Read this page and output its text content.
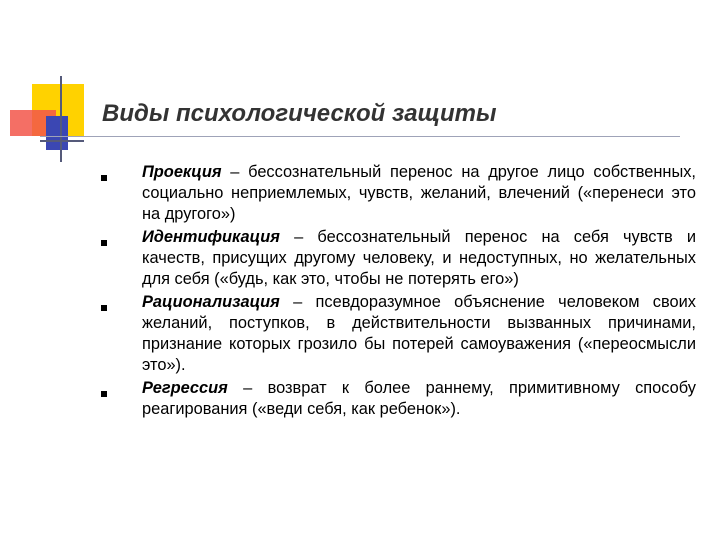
Виды психологической защиты

Проекция – бессознательный перенос на другое лицо собственных, социально неприемлемых, чувств, желаний, влечений («перенеси это на другого»)

Идентификация – бессознательный перенос на себя чувств и качеств, присущих другому человеку, и недоступных, но желательных для себя («будь, как это, чтобы не потерять его»)

Рационализация – псевдоразумное объяснение человеком своих желаний, поступков, в действительности вызванных причинами, признание которых грозило бы потерей самоуважения («переосмысли это»).

Регрессия – возврат к более раннему, примитивному способу реагирования («веди себя, как ребенок»).
